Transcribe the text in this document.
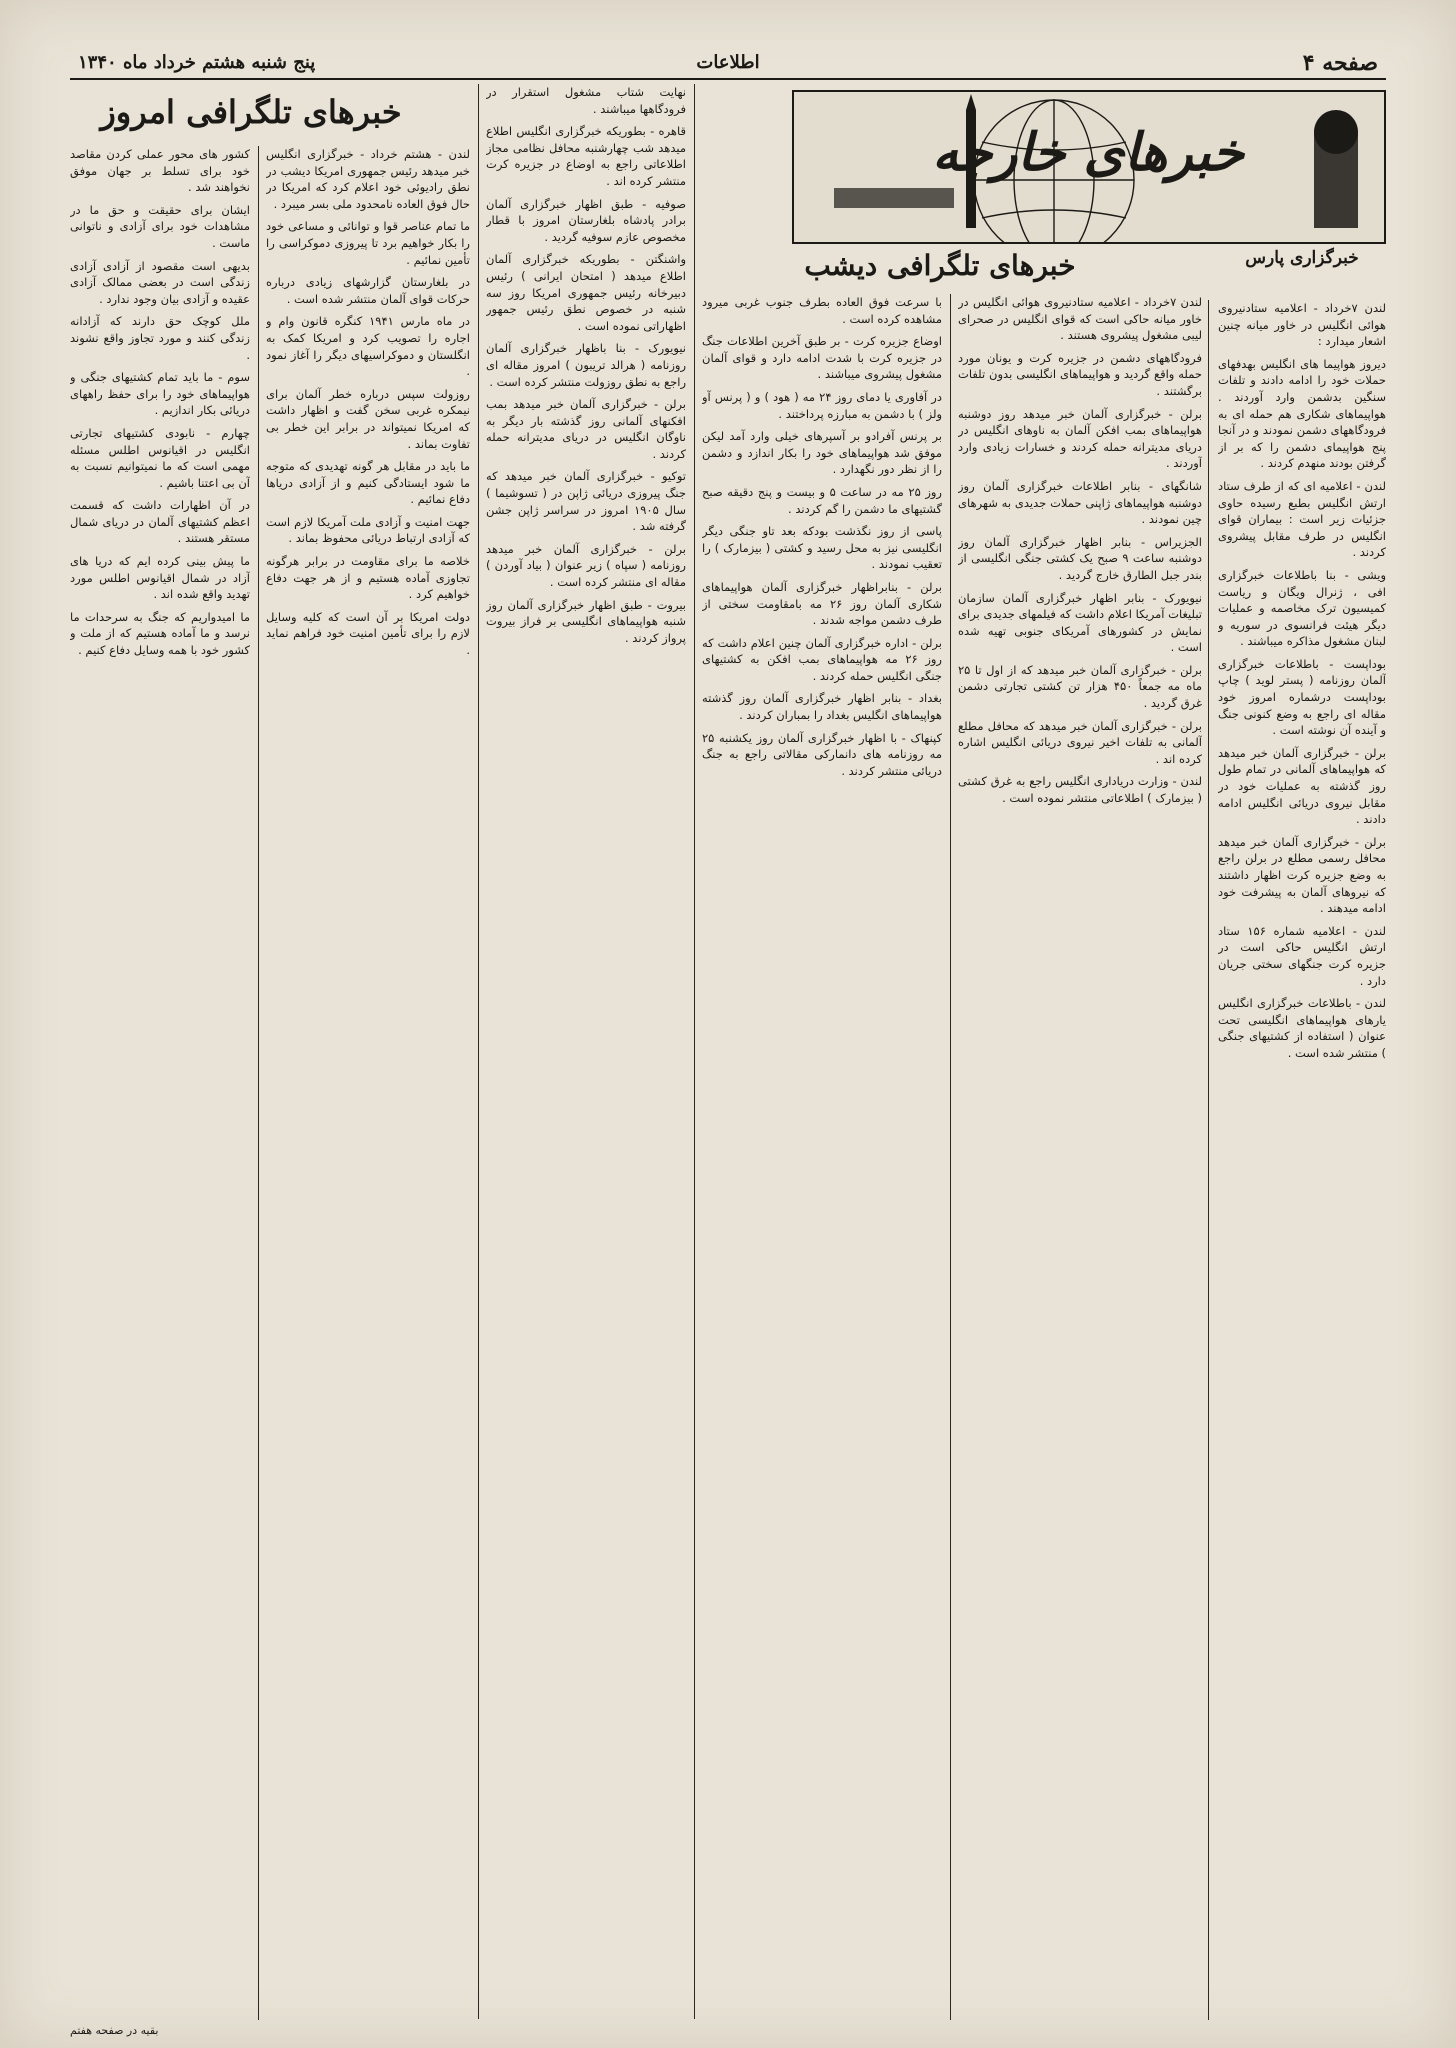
صفحه ۴
اطلاعات
پنج شنبه هشتم خرداد ماه ۱۳۴۰
خبرهای خارجه
خبرگزاری پارس
خبرهای تلگرافی امروز
خبرهای تلگرافی دیشب

لندن ۷خرداد - اعلامیه ستادنیروی هوائی انگلیس در خاور میانه چنین اشعار میدارد :

دیروز هواپیما های انگلیس بهدفهای حملات خود را ادامه دادند و تلفات سنگین بدشمن وارد آوردند . هواپیماهای شکاری هم حمله ای به فرودگاههای دشمن نمودند و در آنجا پنج هواپیمای دشمن را که بر از گرفتن بودند منهدم کردند .

لندن - اعلامیه ای که از طرف ستاد ارتش انگلیس بطبع رسیده حاوی جزئیات زیر است : بیماران قوای انگلیس در طرف مقابل پیشروی کردند .

ویشی - بنا باطلاعات خبرگزاری افی ، ژنرال ویگان و ریاست کمیسیون ترک مخاصمه و عملیات دیگر هیئت فرانسوی در سوریه و لبنان مشغول مذاکره میباشند .

بوداپست - باطلاعات خبرگزاری آلمان روزنامه ( پستر لوید ) چاپ بوداپست درشماره امروز خود مقاله ای راجع به وضع کنونی جنگ و آینده آن نوشته است .

برلن - خبرگزاری آلمان خبر میدهد که هواپیماهای آلمانی در تمام طول روز گذشته به عملیات خود در مقابل نیروی دریائی انگلیس ادامه دادند .

برلن - خبرگزاری آلمان خبر میدهد محافل رسمی مطلع در برلن راجع به وضع جزیره کرت اظهار داشتند که نیروهای آلمان به پیشرفت خود ادامه میدهند .

لندن - اعلامیه شماره ۱۵۶ ستاد ارتش انگلیس حاکی است در جزیره کرت جنگهای سختی جریان دارد .

لندن - باطلاعات خبرگزاری انگلیس یارهای هواپیماهای انگلیسی تحت عنوان ( استفاده از کشتیهای جنگی ) منتشر شده است .

لندن ۷خرداد - اعلامیه ستادنیروی هوائی انگلیس در خاور میانه حاکی است که قوای انگلیس در صحرای لیبی مشغول پیشروی هستند .

فرودگاههای دشمن در جزیره کرت و یونان مورد حمله واقع گردید و هواپیماهای انگلیسی بدون تلفات برگشتند .

برلن - خبرگزاری آلمان خبر میدهد روز دوشنبه هواپیماهای بمب افکن آلمان به ناوهای انگلیس در دریای مدیترانه حمله کردند و خسارات زیادی وارد آوردند .

شانگهای - بنابر اطلاعات خبرگزاری آلمان روز دوشنبه هواپیماهای ژاپنی حملات جدیدی به شهرهای چین نمودند .

الجزیراس - بنابر اظهار خبرگزاری آلمان روز دوشنبه ساعت ۹ صبح یک کشتی جنگی انگلیسی از بندر جبل الطارق خارج گردید .

نیویورک - بنابر اظهار خبرگزاری آلمان سازمان تبلیغات آمریکا اعلام داشت که فیلمهای جدیدی برای نمایش در کشورهای آمریکای جنوبی تهیه شده است .

برلن - خبرگزاری آلمان خبر میدهد که از اول تا ۲۵ ماه مه جمعاً ۴۵۰ هزار تن کشتی تجارتی دشمن غرق گردید .

برلن - خبرگزاری آلمان خبر میدهد که محافل مطلع آلمانی به تلفات اخیر نیروی دریائی انگلیس اشاره کرده اند .

لندن - وزارت دریاداری انگلیس راجع به غرق کشتی ( بیزمارک ) اطلاعاتی منتشر نموده است .

با سرعت فوق العاده بطرف جنوب غربی میرود مشاهده کرده است .

اوضاع جزیره کرت - بر طبق آخرین اطلاعات جنگ در جزیره کرت با شدت ادامه دارد و قوای آلمان مشغول پیشروی میباشند .

در آفاوری یا دمای روز ۲۴ مه ( هود ) و ( پرنس آو ولز ) با دشمن به مبارزه پرداختند .

بر پرنس آفرادو بر آسپرهای خیلی وارد آمد لیکن موفق شد هواپیماهای خود را بکار اندازد و دشمن را از نظر دور نگهدارد .

روز ۲۵ مه در ساعت ۵ و بیست و پنج دقیقه صبح گشتیهای ما دشمن را گم کردند .

پاسی از روز نگذشت بودکه بعد تاو جنگی دیگر انگلیسی نیز به محل رسید و کشتی ( بیزمارک ) را تعقیب نمودند .

برلن - بنابراظهار خبرگزاری آلمان هواپیماهای شکاری آلمان روز ۲۶ مه بامقاومت سختی از طرف دشمن مواجه شدند .

برلن - اداره خبرگزاری آلمان چنین اعلام داشت که روز ۲۶ مه هواپیماهای بمب افکن به کشتیهای جنگی انگلیس حمله کردند .

بغداد - بنابر اظهار خبرگزاری آلمان روز گذشته هواپیماهای انگلیس بغداد را بمباران کردند .

کپنهاک - با اظهار خبرگزاری آلمان روز یکشنبه ۲۵ مه روزنامه های دانمارکی مقالاتی راجع به جنگ دریائی منتشر کردند .

نهایت شتاب مشغول استقرار در فرودگاهها میباشند .

قاهره - بطوریکه خبرگزاری انگلیس اطلاع میدهد شب چهارشنبه محافل نظامی مجاز اطلاعاتی راجع به اوضاع در جزیره کرت منتشر کرده اند .

صوفیه - طبق اظهار خبرگزاری آلمان برادر پادشاه بلغارستان امروز با قطار مخصوص عازم سوفیه گردید .

واشنگتن - بطوریکه خبرگزاری آلمان اطلاع میدهد ( امتحان ایرانی ) رئیس دبیرخانه رئیس جمهوری امریکا روز سه شنبه در خصوص نطق رئیس جمهور اظهاراتی نموده است .

نیویورک - بنا باظهار خبرگزاری آلمان روزنامه ( هرالد تریبون ) امروز مقاله ای راجع به نطق روزولت منتشر کرده است .

برلن - خبرگزاری آلمان خبر میدهد بمب افکنهای آلمانی روز گذشته بار دیگر به ناوگان انگلیس در دریای مدیترانه حمله کردند .

توکیو - خبرگزاری آلمان خبر میدهد که جنگ پیروزی دریائی ژاپن در ( تسوشیما ) سال ۱۹۰۵ امروز در سراسر ژاپن جشن گرفته شد .

برلن - خبرگزاری آلمان خبر میدهد روزنامه ( سپاه ) زیر عنوان ( بیاد آوردن ) مقاله ای منتشر کرده است .

بیروت - طبق اظهار خبرگزاری آلمان روز شنبه هواپیماهای انگلیسی بر فراز بیروت پرواز کردند .

لندن - هشتم خرداد - خبرگزاری انگلیس خبر میدهد رئیس جمهوری امریکا دیشب در نطق رادیوئی خود اعلام کرد که امریکا در حال فوق العاده نامحدود ملی بسر میبرد .

ما تمام عناصر قوا و توانائی و مساعی خود را بکار خواهیم برد تا پیروزی دموکراسی را تأمین نمائیم .

در بلغارستان گزارشهای زیادی درباره حرکات قوای آلمان منتشر شده است .

در ماه مارس ۱۹۴۱ کنگره قانون وام و اجاره را تصویب کرد و امریکا کمک به انگلستان و دموکراسیهای دیگر را آغاز نمود .

روزولت سپس درباره خطر آلمان برای نیمکره غربی سخن گفت و اظهار داشت که امریکا نمیتواند در برابر این خطر بی تفاوت بماند .

ما باید در مقابل هر گونه تهدیدی که متوجه ما شود ایستادگی کنیم و از آزادی دریاها دفاع نمائیم .

جهت امنیت و آزادی ملت آمریکا لازم است که آزادی ارتباط دریائی محفوظ بماند .

خلاصه ما برای مقاومت در برابر هرگونه تجاوزی آماده هستیم و از هر جهت دفاع خواهیم کرد .

دولت امریکا بر آن است که کلیه وسایل لازم را برای تأمین امنیت خود فراهم نماید .

کشور های محور عملی کردن مقاصد خود برای تسلط بر جهان موفق نخواهند شد .

ایشان برای حقیقت و حق ما در مشاهدات خود برای آزادی و ناتوانی ماست .

بدیهی است مقصود از آزادی آزادی زندگی است در بعضی ممالک آزادی عقیده و آزادی بیان وجود ندارد .

ملل کوچک حق دارند که آزادانه زندگی کنند و مورد تجاوز واقع نشوند .

سوم - ما باید تمام کشتیهای جنگی و هواپیماهای خود را برای حفظ راههای دریائی بکار اندازیم .

چهارم - نابودی کشتیهای تجارتی انگلیس در اقیانوس اطلس مسئله مهمی است که ما نمیتوانیم نسبت به آن بی اعتنا باشیم .

در آن اظهارات داشت که قسمت اعظم کشتیهای آلمان در دریای شمال مستقر هستند .

ما پیش بینی کرده ایم که دریا های آزاد در شمال اقیانوس اطلس مورد تهدید واقع شده اند .

ما امیدواریم که جنگ به سرحدات ما نرسد و ما آماده هستیم که از ملت و کشور خود با همه وسایل دفاع کنیم .

بقیه در صفحه هفتم
